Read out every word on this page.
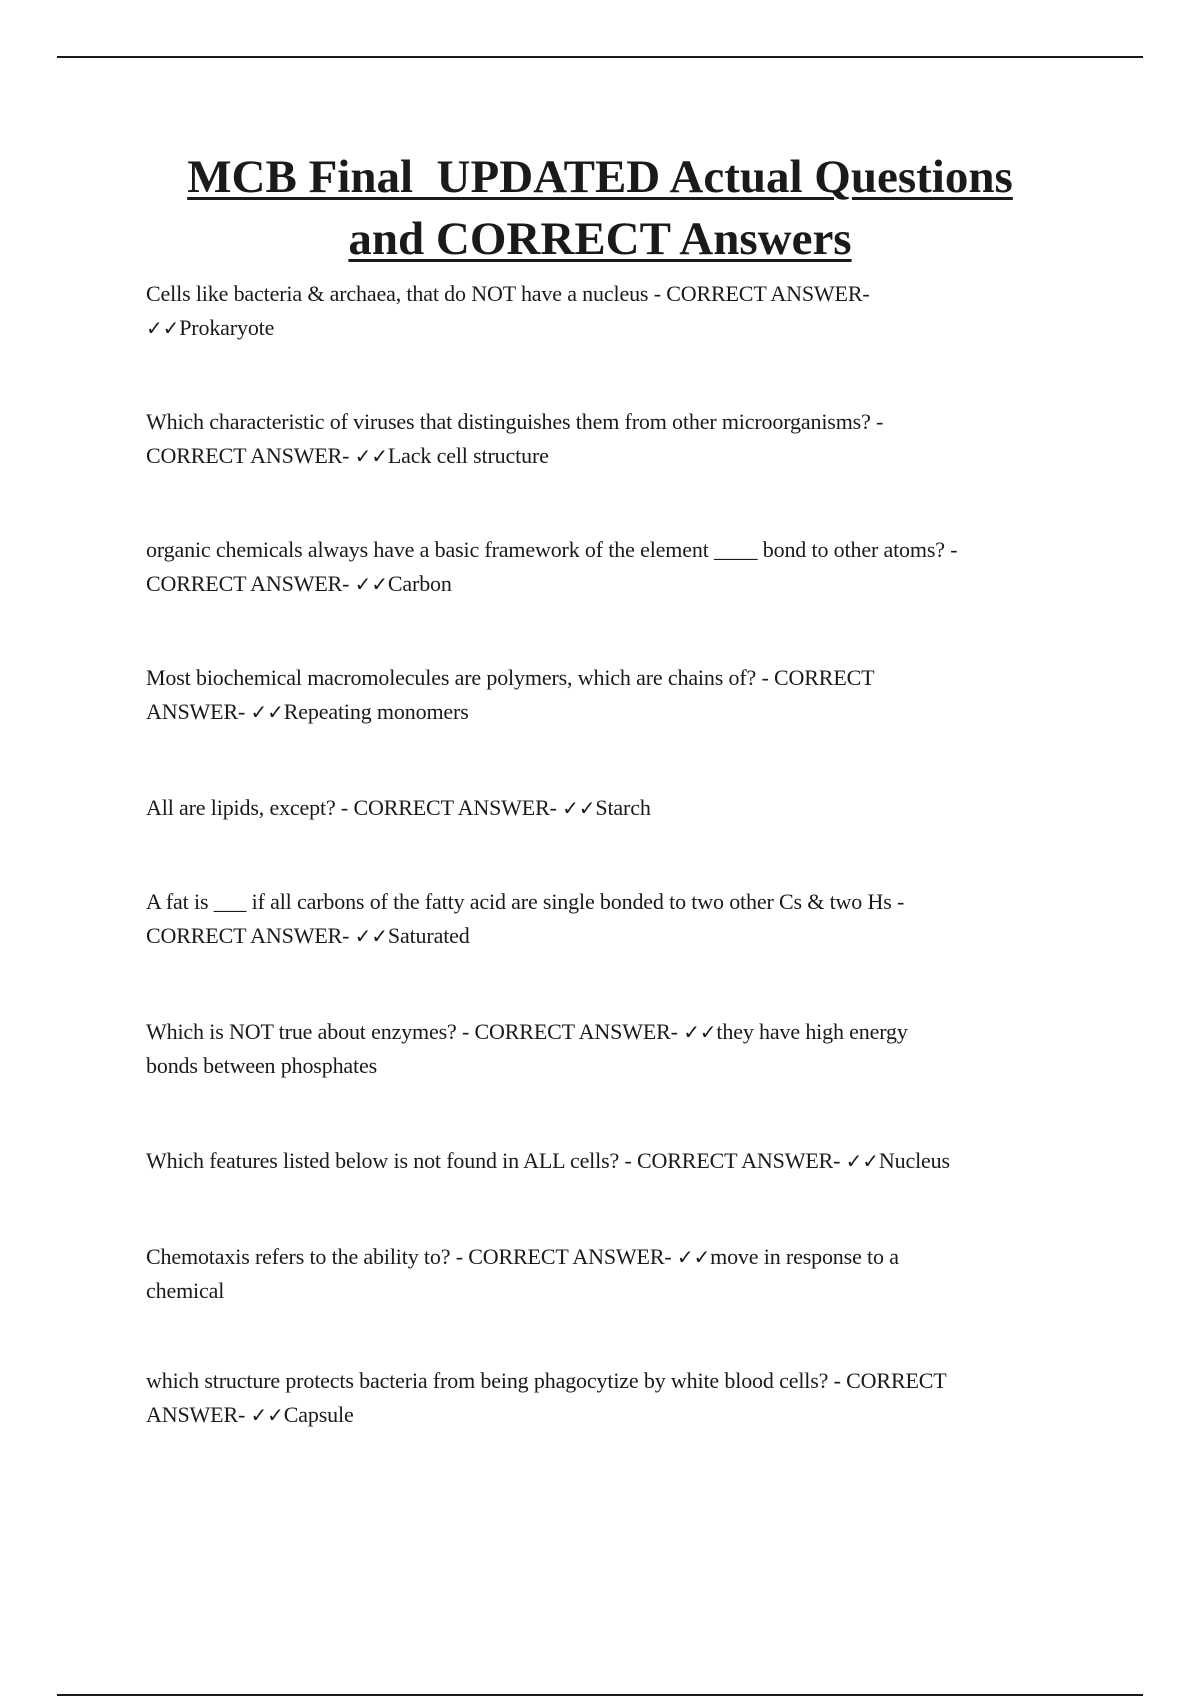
MCB Final  UPDATED Actual Questions
and CORRECT Answers

Cells like bacteria & archaea, that do NOT have a nucleus - CORRECT ANSWER-
✓✓Prokaryote

Which characteristic of viruses that distinguishes them from other microorganisms? -
CORRECT ANSWER- ✓✓Lack cell structure

organic chemicals always have a basic framework of the element ____ bond to other atoms? -
CORRECT ANSWER- ✓✓Carbon

Most biochemical macromolecules are polymers, which are chains of? - CORRECT
ANSWER- ✓✓Repeating monomers

All are lipids, except? - CORRECT ANSWER- ✓✓Starch

A fat is ___ if all carbons of the fatty acid are single bonded to two other Cs & two Hs -
CORRECT ANSWER- ✓✓Saturated

Which is NOT true about enzymes? - CORRECT ANSWER- ✓✓they have high energy
bonds between phosphates

Which features listed below is not found in ALL cells? - CORRECT ANSWER- ✓✓Nucleus

Chemotaxis refers to the ability to? - CORRECT ANSWER- ✓✓move in response to a
chemical

which structure protects bacteria from being phagocytize by white blood cells? - CORRECT
ANSWER- ✓✓Capsule
